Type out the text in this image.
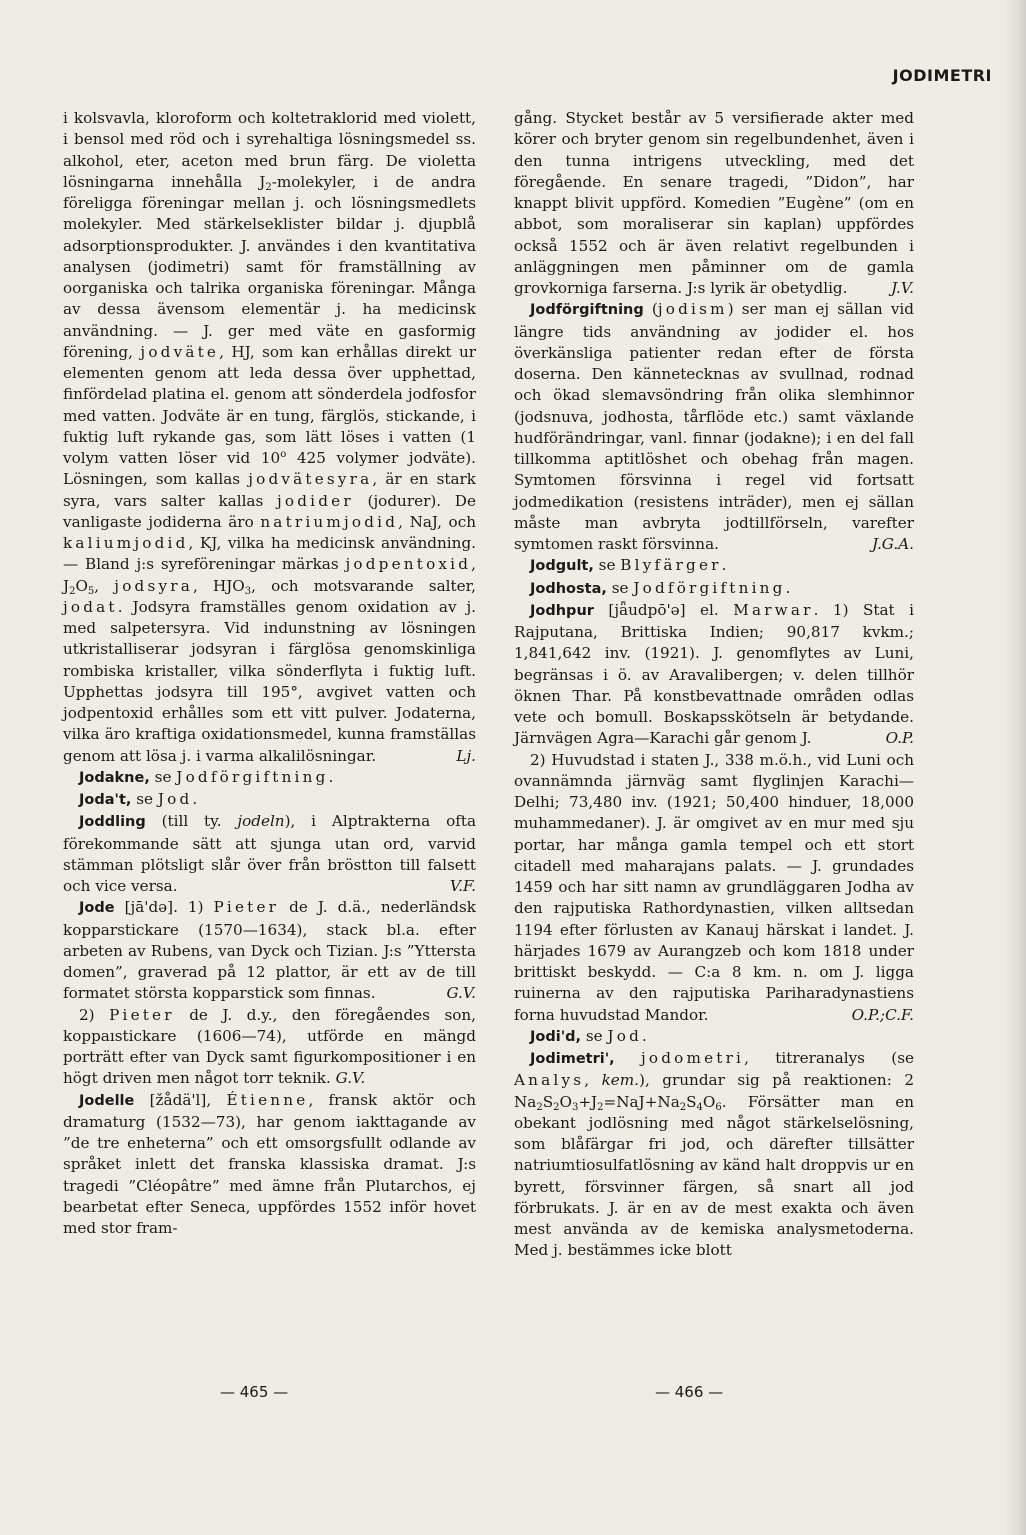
JODIMETRI

i kolsvavla, kloroform och koltetraklorid med violett, i bensol med röd och i syrehaltiga lösningsmedel ss. alkohol, eter, aceton med brun färg. De violetta lösningarna innehålla $J_2$-molekyler, i de andra föreligga föreningar mellan j. och lösningsmedlets molekyler. Med stärkelseklister bildar j. djupblå adsorptionsprodukter. J. användes i den kvantitativa analysen (jodimetri) samt för framställning av oorganiska och talrika organiska föreningar. Många av dessa ävensom elementär j. ha medicinsk användning. — J. ger med väte en gasformig förening, jodväte, HJ, som kan erhållas direkt ur elementen genom att leda dessa över upphettad, finfördelad platina el. genom att sönderdela jodfosfor med vatten. Jodväte är en tung, färglös, stickande, i fuktig luft rykande gas, som lätt löses i vatten (1 volym vatten löser vid 10$^o$ 425 volymer jodväte). Lösningen, som kallas jodvätesyra, är en stark syra, vars salter kallas jodider (jodurer). De vanligaste jodiderna äro natriumjodid, NaJ, och kaliumjodid, KJ, vilka ha medicinsk användning. — Bland j:s syreföreningar märkas jodpentoxid, $J_2O_5$, jodsyra, $HJO_3$, och motsvarande salter, jodat. Jodsyra framställes genom oxidation av j. med salpetersyra. Vid indunstning av lösningen utkristalliserar jodsyran i färglösa genomskinliga rombiska kristaller, vilka sönderflyta i fuktig luft. Upphettas jodsyra till 195°, avgivet vatten och jodpentoxid erhålles som ett vitt pulver. Jodaterna, vilka äro kraftiga oxidationsmedel, kunna framställas genom att lösa j. i varma alkalilösningar.	Lj.

Jodakne, se Jodförgiftning.

Joda't, se Jod.

Joddling (till ty. jodeln), i Alptrakterna ofta förekommande sätt att sjunga utan ord, varvid stämman plötsligt slår över från bröstton till falsett och vice versa.	V.F.

Jode [jā'də]. 1) Pieter de J. d.ä., nederländsk kopparstickare (1570—1634), stack bl.a. efter arbeten av Rubens, van Dyck och Tizian. J:s ”Yttersta domen”, graverad på 12 plattor, är ett av de till formatet största kopparstick som finnas.	G.V.

2) Pieter de J. d.y., den föregåendes son, koppaıstickare (1606—74), utförde en mängd porträtt efter van Dyck samt figurkompositioner i en högt driven men något torr teknik. G.V.

Jodelle [žådä'l], Étienne, fransk aktör och dramaturg (1532—73), har genom iakttagande av ”de tre enheterna” och ett omsorgsfullt odlande av språket inlett det franska klassiska dramat. J:s tragedi ”Cléopâtre” med ämne från Plutarchos, ej bearbetat efter Seneca, uppfördes 1552 inför hovet med stor fram-

gång. Stycket består av 5 versifierade akter med körer och bryter genom sin regelbundenhet, även i den tunna intrigens utveckling, med det föregående. En senare tragedi, ”Didon”, har knappt blivit uppförd. Komedien ”Eugène” (om en abbot, som moraliserar sin kaplan) uppfördes också 1552 och är även relativt regelbunden i anläggningen men påminner om de gamla grovkorniga farserna. J:s lyrik är obetydlig.	J.V.

Jodförgiftning (jodism) ser man ej sällan vid längre tids användning av jodider el. hos överkänsliga patienter redan efter de första doserna. Den kännetecknas av svullnad, rodnad och ökad slemavsöndring från olika slemhinnor (jodsnuva, jodhosta, tårflöde etc.) samt växlande hudförändringar, vanl. finnar (jodakne); i en del fall tillkomma aptitlöshet och obehag från magen. Symtomen försvinna i regel vid fortsatt jodmedikation (resistens inträder), men ej sällan måste man avbryta jodtillförseln, varefter symtomen raskt försvinna.	J.G.A.

Jodgult, se Blyfärger.

Jodhosta, se Jodförgiftning.

Jodhpur [jǟudpō'ə] el. Marwar. 1) Stat i Rajputana, Brittiska Indien; 90,817 kvkm.; 1,841,642 inv. (1921). J. genomflytes av Luni, begränsas i ö. av Aravalibergen; v. delen tillhör öknen Thar. På konstbevattnade områden odlas vete och bomull. Boskapsskötseln är betydande. Järnvägen Agra—Karachi går genom J.	O.P.

2) Huvudstad i staten J., 338 m.ö.h., vid Luni och ovannämnda järnväg samt flyglinjen Karachi—Delhi; 73,480 inv. (1921; 50,400 hinduer, 18,000 muhammedaner). J. är omgivet av en mur med sju portar, har många gamla tempel och ett stort citadell med maharajans palats. — J. grundades 1459 och har sitt namn av grundläggaren Jodha av den rajputiska Rathordynastien, vilken alltsedan 1194 efter förlusten av Kanauj härskat i landet. J. härjades 1679 av Aurangzeb och kom 1818 under brittiskt beskydd. — C:a 8 km. n. om J. ligga ruinerna av den rajputiska Pariharadynastiens forna huvudstad Mandor.	O.P.;C.F.

Jodi'd, se Jod.

Jodimetri', jodometri, titreranalys (se Analys, kem.), grundar sig på reaktionen: 2 $Na_2S_2O_3+J_2=NaJ+Na_2S_4O_6$. Försätter man en obekant jodlösning med något stärkelselösning, som blåfärgar fri jod, och därefter tillsätter natriumtiosulfatlösning av känd halt droppvis ur en byrett, försvinner färgen, så snart all jod förbrukats. J. är en av de mest exakta och även mest använda av de kemiska analysmetoderna. Med j. bestämmes icke blott

— 465 —	— 466 —
